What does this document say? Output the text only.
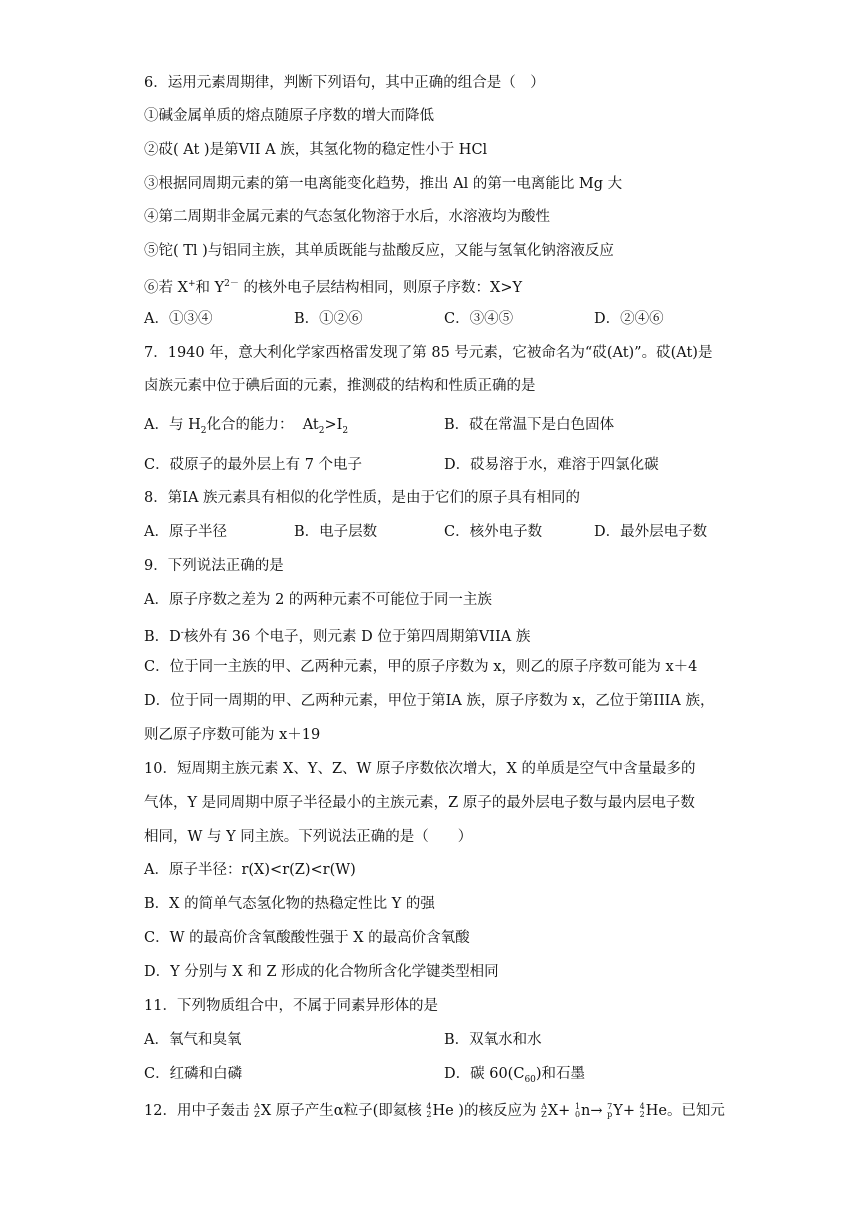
6．运用元素周期律，判断下列语句，其中正确的组合是（　）
①碱金属单质的熔点随原子序数的增大而降低
②砹( At )是第VII A 族，其氢化物的稳定性小于 HCl
③根据同周期元素的第一电离能变化趋势，推出 Al 的第一电离能比 Mg 大
④第二周期非金属元素的气态氢化物溶于水后，水溶液均为酸性
⑤铊( Tl )与铝同主族，其单质既能与盐酸反应，又能与氢氧化钠溶液反应
⑥若 X+和 $Y^{2-}$ 的核外电子层结构相同，则原子序数：X>Y
A．①③④	B．①②⑥	C．③④⑤	D．②④⑥
7．1940 年，意大利化学家西格雷发现了第 85 号元素，它被命名为“砹(At)”。砹(At)是
卤族元素中位于碘后面的元素，推测砹的结构和性质正确的是
A．与 $H_2$化合的能力： $At_2>I_2$	B．砹在常温下是白色固体
C．砹原子的最外层上有 7 个电子	D．砹易溶于水，难溶于四氯化碳
8．第IA 族元素具有相似的化学性质，是由于它们的原子具有相同的
A．原子半径	B．电子层数	C．核外电子数	D．最外层电子数
9．下列说法正确的是
A．原子序数之差为 2 的两种元素不可能位于同一主族
B．D-核外有 36 个电子，则元素 D 位于第四周期第VIIA 族
C．位于同一主族的甲、乙两种元素，甲的原子序数为 x，则乙的原子序数可能为 x＋4
D．位于同一周期的甲、乙两种元素，甲位于第IA 族，原子序数为 x，乙位于第IIIA 族，
则乙原子序数可能为 x＋19
10．短周期主族元素 X、Y、Z、W 原子序数依次增大，X 的单质是空气中含量最多的
气体，Y 是同周期中原子半径最小的主族元素，Z 原子的最外层电子数与最内层电子数
相同，W 与 Y 同主族。下列说法正确的是（　　）
A．原子半径：r(X)<r(Z)<r(W)
B．X 的简单气态氢化物的热稳定性比 Y 的强
C．W 的最高价含氧酸酸性强于 X 的最高价含氧酸
D．Y 分别与 X 和 Z 形成的化合物所含化学键类型相同
11．下列物质组合中，不属于同素异形体的是
A．氧气和臭氧	B．双氧水和水
C．红磷和白磷	D．碳 $60(C_{60})$和石墨
12．用中子轰击 A
Z X 原子产生α粒子(即氦核 4
2 He )的核反应为 A
Z X+ 1
0 n→ 7
p Y+ 4
2 He。已知元
